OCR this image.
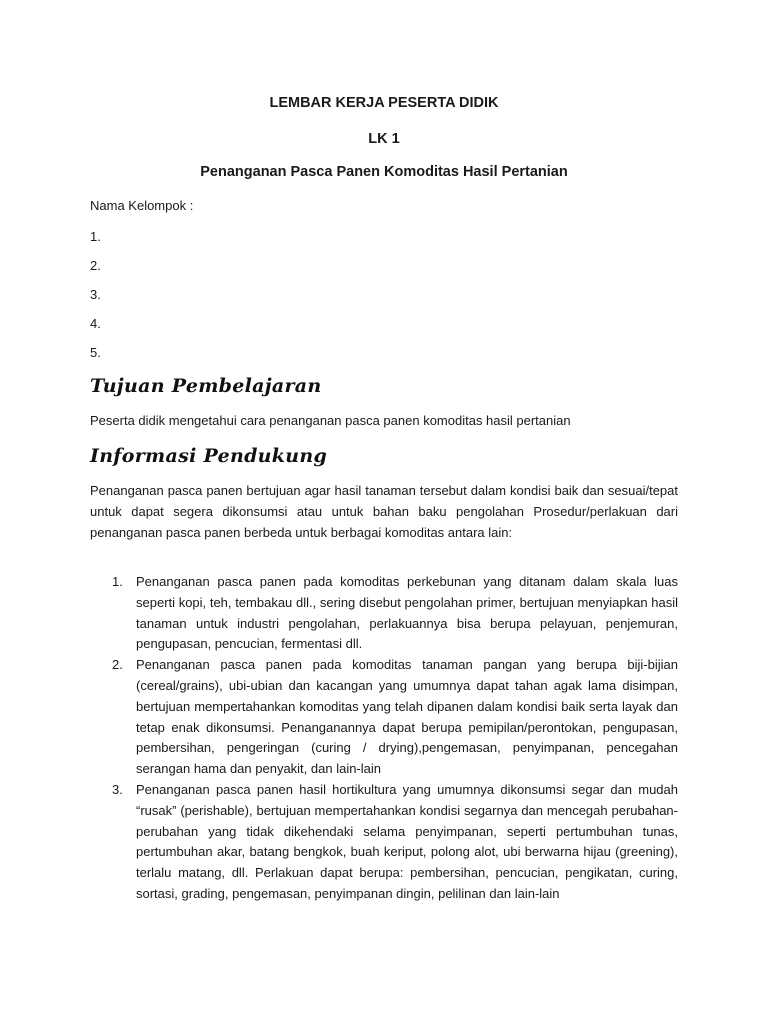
LEMBAR KERJA PESERTA DIDIK
LK 1
Penanganan Pasca Panen Komoditas Hasil Pertanian
Nama Kelompok :
1.
2.
3.
4.
5.
Tujuan Pembelajaran
Peserta didik mengetahui cara penanganan pasca panen komoditas hasil pertanian
Informasi Pendukung
Penanganan pasca panen bertujuan agar hasil tanaman tersebut dalam kondisi baik dan sesuai/tepat untuk dapat segera dikonsumsi atau untuk bahan baku pengolahan Prosedur/perlakuan dari penanganan pasca panen berbeda untuk berbagai komoditas antara lain:
1. Penanganan pasca panen pada komoditas perkebunan yang ditanam dalam skala luas seperti kopi, teh, tembakau dll., sering disebut pengolahan primer, bertujuan menyiapkan hasil tanaman untuk industri pengolahan, perlakuannya bisa berupa pelayuan, penjemuran, pengupasan, pencucian, fermentasi dll.
2. Penanganan pasca panen pada komoditas tanaman pangan yang berupa biji-bijian (cereal/grains), ubi-ubian dan kacangan yang umumnya dapat tahan agak lama disimpan, bertujuan mempertahankan komoditas yang telah dipanen dalam kondisi baik serta layak dan tetap enak dikonsumsi. Penanganannya dapat berupa pemipilan/perontokan, pengupasan, pembersihan, pengeringan (curing / drying),pengemasan, penyimpanan, pencegahan serangan hama dan penyakit, dan lain-lain
3. Penanganan pasca panen hasil hortikultura yang umumnya dikonsumsi segar dan mudah “rusak” (perishable), bertujuan mempertahankan kondisi segarnya dan mencegah perubahan-perubahan yang tidak dikehendaki selama penyimpanan, seperti pertumbuhan tunas, pertumbuhan akar, batang bengkok, buah keriput, polong alot, ubi berwarna hijau (greening), terlalu matang, dll. Perlakuan dapat berupa: pembersihan, pencucian, pengikatan, curing, sortasi, grading, pengemasan, penyimpanan dingin, pelilinan dan lain-lain
